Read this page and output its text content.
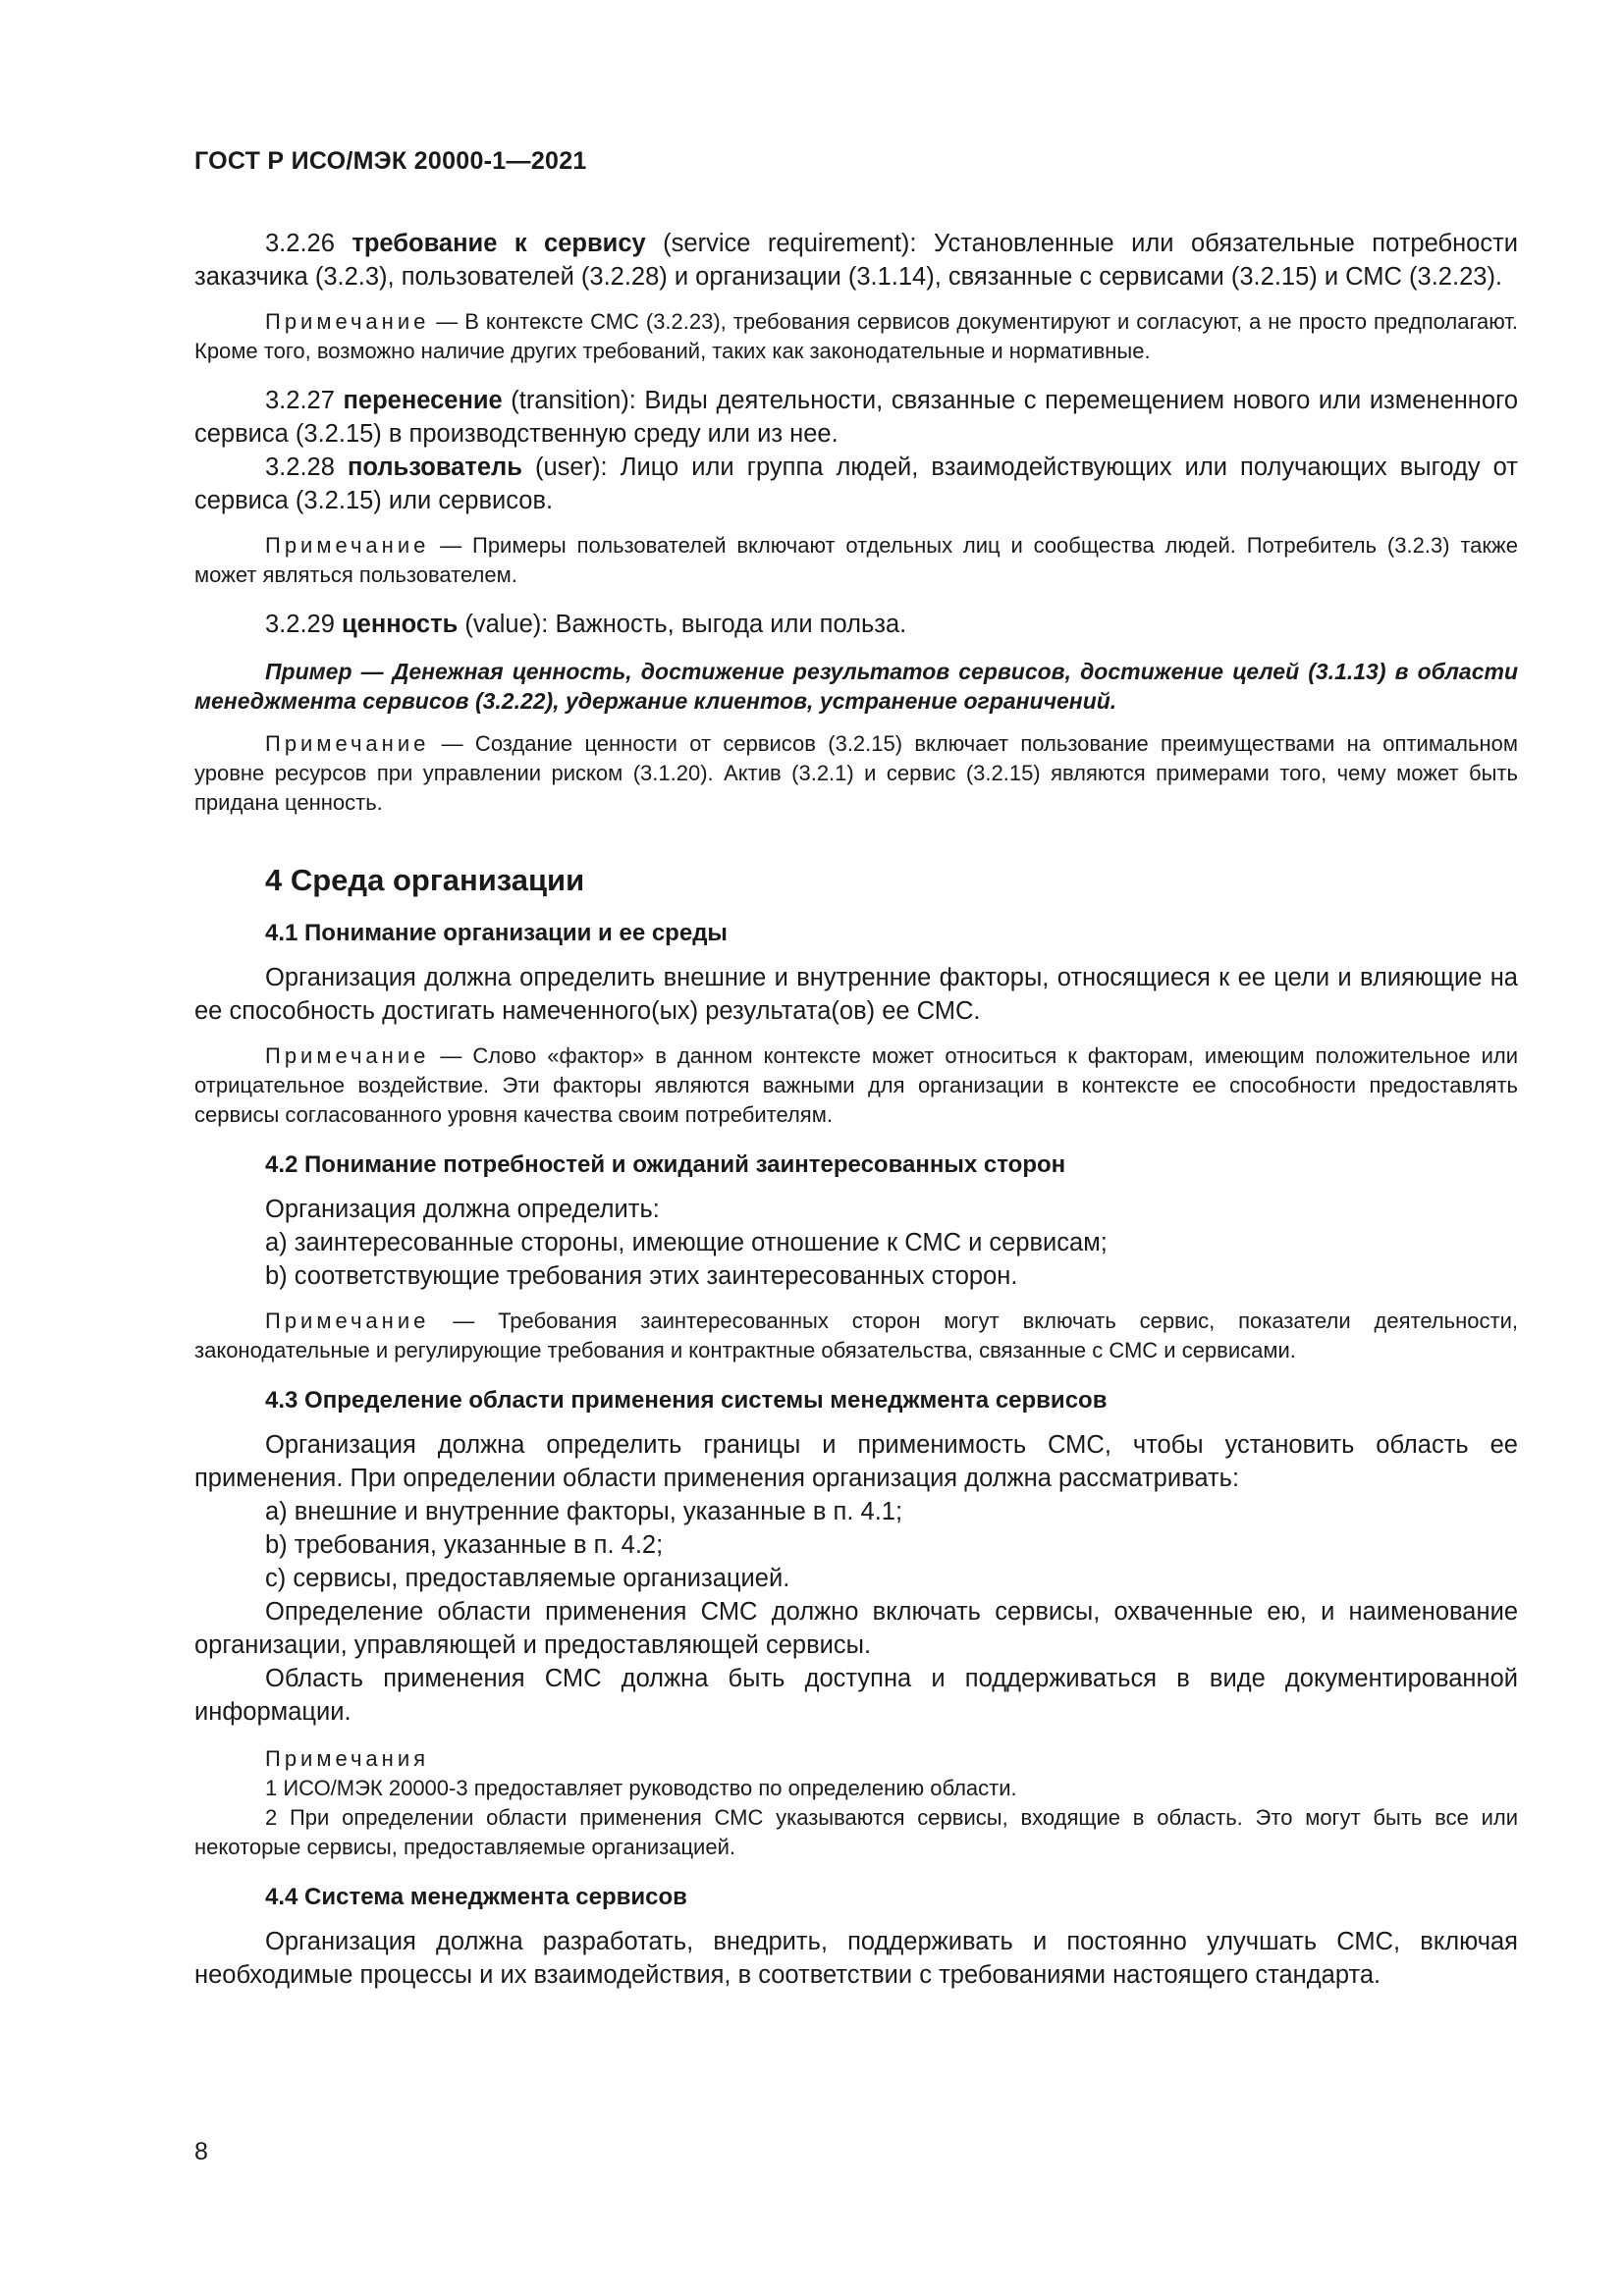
ГОСТ Р ИСО/МЭК 20000-1—2021

3.2.26 требование к сервису (service requirement): Установленные или обязательные потребности заказчика (3.2.3), пользователей (3.2.28) и организации (3.1.14), связанные с сервисами (3.2.15) и СМС (3.2.23).

Примечание — В контексте СМС (3.2.23), требования сервисов документируют и согласуют, а не просто предполагают. Кроме того, возможно наличие других требований, таких как законодательные и нормативные.

3.2.27 перенесение (transition): Виды деятельности, связанные с перемещением нового или измененного сервиса (3.2.15) в производственную среду или из нее.

3.2.28 пользователь (user): Лицо или группа людей, взаимодействующих или получающих выгоду от сервиса (3.2.15) или сервисов.

Примечание — Примеры пользователей включают отдельных лиц и сообщества людей. Потребитель (3.2.3) также может являться пользователем.

3.2.29 ценность (value): Важность, выгода или польза.

Пример — Денежная ценность, достижение результатов сервисов, достижение целей (3.1.13) в области менеджмента сервисов (3.2.22), удержание клиентов, устранение ограничений.

Примечание — Создание ценности от сервисов (3.2.15) включает пользование преимуществами на оптимальном уровне ресурсов при управлении риском (3.1.20). Актив (3.2.1) и сервис (3.2.15) являются примерами того, чему может быть придана ценность.

4 Среда организации
4.1 Понимание организации и ее среды

Организация должна определить внешние и внутренние факторы, относящиеся к ее цели и влияющие на ее способность достигать намеченного(ых) результата(ов) ее СМС.

Примечание — Слово «фактор» в данном контексте может относиться к факторам, имеющим положительное или отрицательное воздействие. Эти факторы являются важными для организации в контексте ее способности предоставлять сервисы согласованного уровня качества своим потребителям.

4.2 Понимание потребностей и ожиданий заинтересованных сторон

Организация должна определить:

a) заинтересованные стороны, имеющие отношение к СМС и сервисам;
b) соответствующие требования этих заинтересованных сторон.

Примечание — Требования заинтересованных сторон могут включать сервис, показатели деятельности, законодательные и регулирующие требования и контрактные обязательства, связанные с СМС и сервисами.

4.3 Определение области применения системы менеджмента сервисов

Организация должна определить границы и применимость СМС, чтобы установить область ее применения. При определении области применения организация должна рассматривать:

a) внешние и внутренние факторы, указанные в п. 4.1;
b) требования, указанные в п. 4.2;
c) сервисы, предоставляемые организацией.

Определение области применения СМС должно включать сервисы, охваченные ею, и наименование организации, управляющей и предоставляющей сервисы.

Область применения СМС должна быть доступна и поддерживаться в виде документированной информации.

Примечания

1 ИСО/МЭК 20000-3 предоставляет руководство по определению области.

2 При определении области применения СМС указываются сервисы, входящие в область. Это могут быть все или некоторые сервисы, предоставляемые организацией.

4.4 Система менеджмента сервисов

Организация должна разработать, внедрить, поддерживать и постоянно улучшать СМС, включая необходимые процессы и их взаимодействия, в соответствии с требованиями настоящего стандарта.

8
